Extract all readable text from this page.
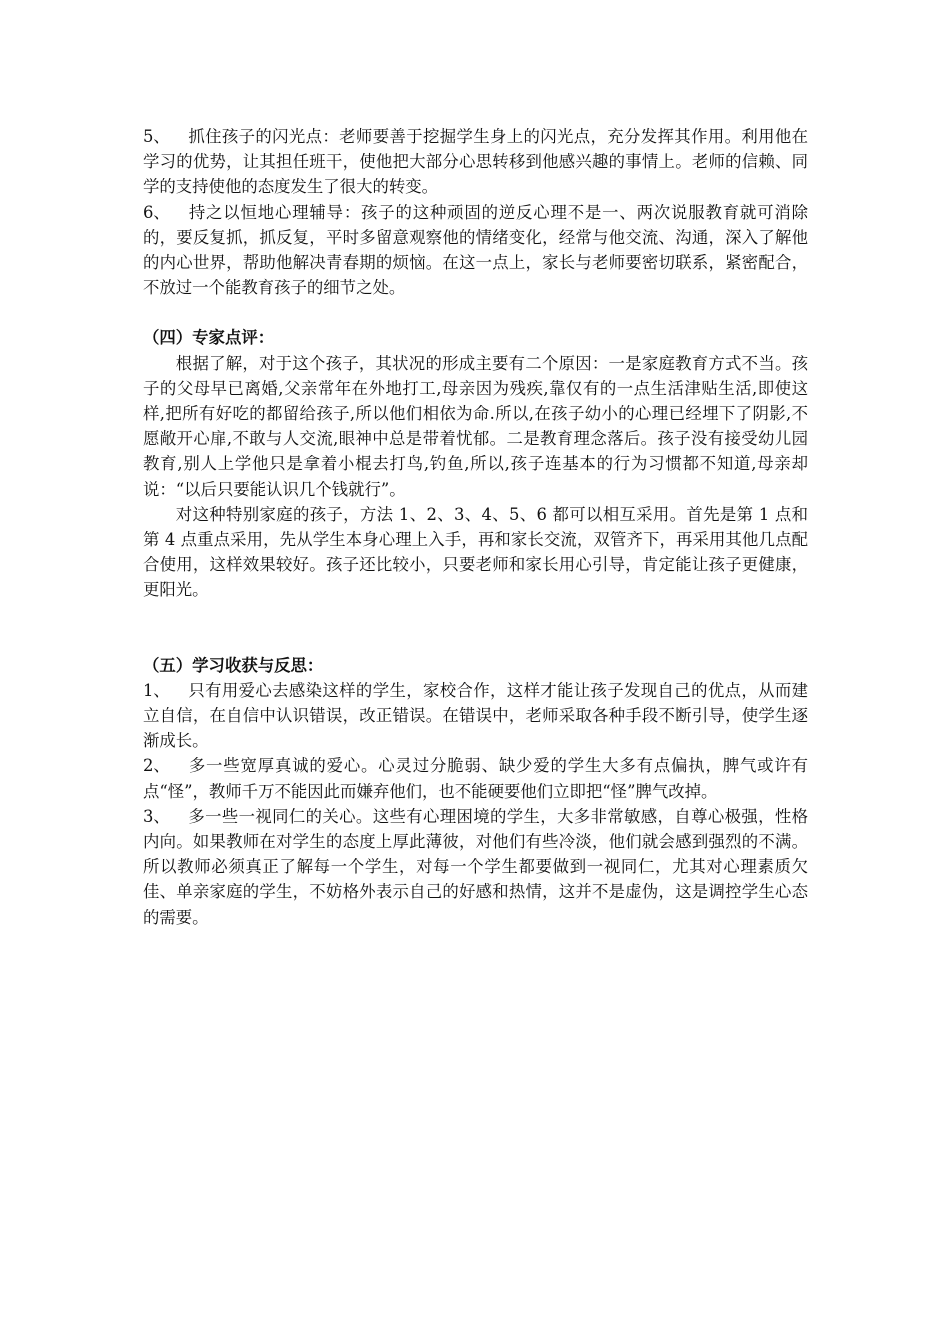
5、 抓住孩子的闪光点：老师要善于挖掘学生身上的闪光点，充分发挥其作用。利用他在学习的优势，让其担任班干，使他把大部分心思转移到他感兴趣的事情上。老师的信赖、同学的支持使他的态度发生了很大的转变。

6、 持之以恒地心理辅导：孩子的这种顽固的逆反心理不是一、两次说服教育就可消除的，要反复抓，抓反复，平时多留意观察他的情绪变化，经常与他交流、沟通，深入了解他的内心世界，帮助他解决青春期的烦恼。在这一点上，家长与老师要密切联系，紧密配合，不放过一个能教育孩子的细节之处。

（四）专家点评：

根据了解，对于这个孩子，其状况的形成主要有二个原因：一是家庭教育方式不当。孩子的父母早已离婚,父亲常年在外地打工,母亲因为残疾,靠仅有的一点生活津贴生活,即使这样,把所有好吃的都留给孩子,所以他们相依为命.所以,在孩子幼小的心理已经埋下了阴影,不愿敞开心扉,不敢与人交流,眼神中总是带着忧郁。二是教育理念落后。孩子没有接受幼儿园教育,别人上学他只是拿着小棍去打鸟,钓鱼,所以,孩子连基本的行为习惯都不知道,母亲却说：“以后只要能认识几个钱就行”。

对这种特别家庭的孩子，方法 1、2、3、4、5、6 都可以相互采用。首先是第 1 点和第 4 点重点采用，先从学生本身心理上入手，再和家长交流，双管齐下，再采用其他几点配合使用，这样效果较好。孩子还比较小，只要老师和家长用心引导，肯定能让孩子更健康，更阳光。

（五）学习收获与反思：

1、 只有用爱心去感染这样的学生，家校合作，这样才能让孩子发现自己的优点，从而建立自信，在自信中认识错误，改正错误。在错误中，老师采取各种手段不断引导，使学生逐渐成长。

2、 多一些宽厚真诚的爱心。心灵过分脆弱、缺少爱的学生大多有点偏执，脾气或许有点“怪”，教师千万不能因此而嫌弃他们，也不能硬要他们立即把“怪”脾气改掉。

3、 多一些一视同仁的关心。这些有心理困境的学生，大多非常敏感，自尊心极强，性格内向。如果教师在对学生的态度上厚此薄彼，对他们有些冷淡，他们就会感到强烈的不满。所以教师必须真正了解每一个学生，对每一个学生都要做到一视同仁，尤其对心理素质欠佳、单亲家庭的学生，不妨格外表示自己的好感和热情，这并不是虚伪，这是调控学生心态的需要。
